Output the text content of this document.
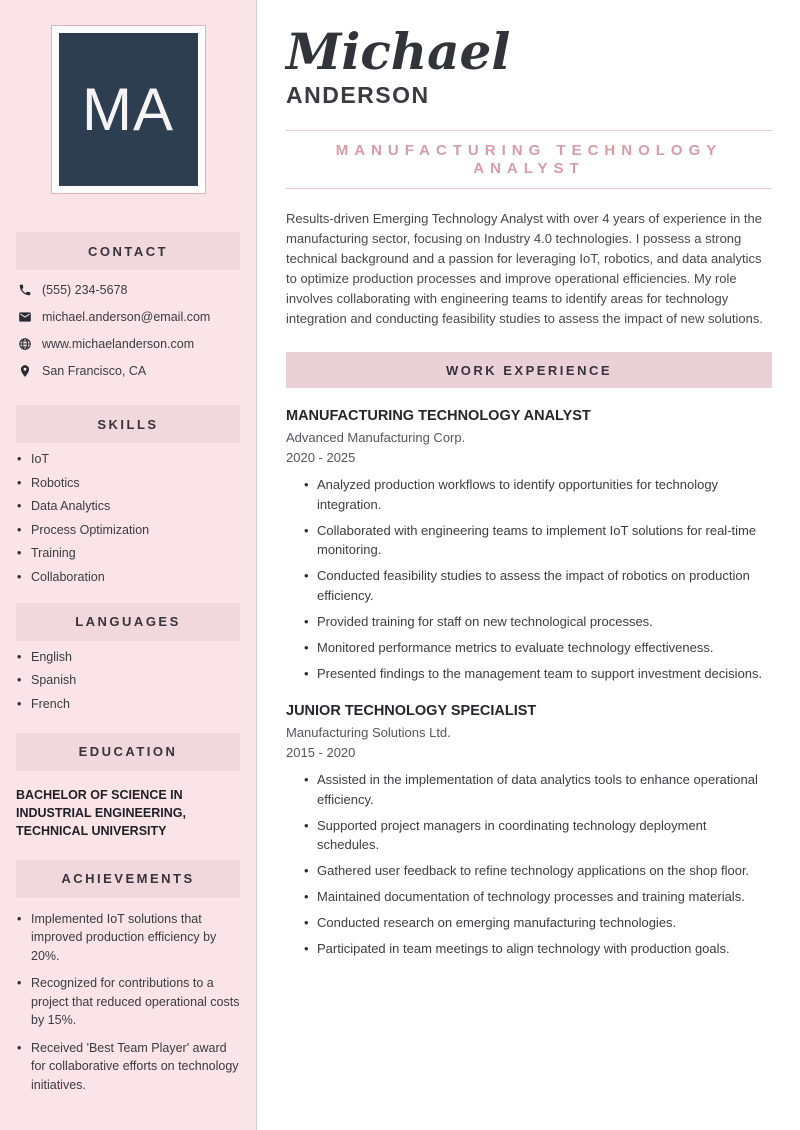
MA
CONTACT
(555) 234-5678
michael.anderson@email.com
www.michaelanderson.com
San Francisco, CA
SKILLS
• IoT
• Robotics
• Data Analytics
• Process Optimization
• Training
• Collaboration
LANGUAGES
• English
• Spanish
• French
EDUCATION
BACHELOR OF SCIENCE IN INDUSTRIAL ENGINEERING, TECHNICAL UNIVERSITY
ACHIEVEMENTS
• Implemented IoT solutions that improved production efficiency by 20%.
• Recognized for contributions to a project that reduced operational costs by 15%.
• Received 'Best Team Player' award for collaborative efforts on technology initiatives.
Michael
ANDERSON
MANUFACTURING TECHNOLOGY ANALYST
Results-driven Emerging Technology Analyst with over 4 years of experience in the manufacturing sector, focusing on Industry 4.0 technologies. I possess a strong technical background and a passion for leveraging IoT, robotics, and data analytics to optimize production processes and improve operational efficiencies. My role involves collaborating with engineering teams to identify areas for technology integration and conducting feasibility studies to assess the impact of new solutions.
WORK EXPERIENCE
MANUFACTURING TECHNOLOGY ANALYST
Advanced Manufacturing Corp.
2020 - 2025
• Analyzed production workflows to identify opportunities for technology integration.
• Collaborated with engineering teams to implement IoT solutions for real-time monitoring.
• Conducted feasibility studies to assess the impact of robotics on production efficiency.
• Provided training for staff on new technological processes.
• Monitored performance metrics to evaluate technology effectiveness.
• Presented findings to the management team to support investment decisions.
JUNIOR TECHNOLOGY SPECIALIST
Manufacturing Solutions Ltd.
2015 - 2020
• Assisted in the implementation of data analytics tools to enhance operational efficiency.
• Supported project managers in coordinating technology deployment schedules.
• Gathered user feedback to refine technology applications on the shop floor.
• Maintained documentation of technology processes and training materials.
• Conducted research on emerging manufacturing technologies.
• Participated in team meetings to align technology with production goals.
